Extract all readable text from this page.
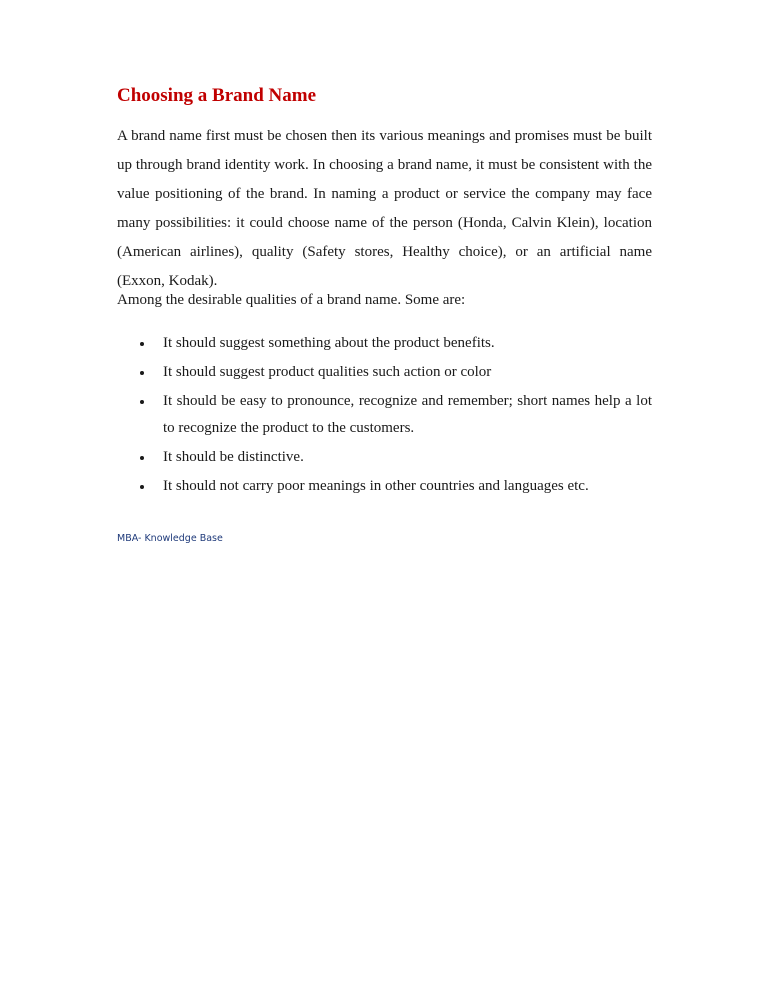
Choosing a Brand Name

A brand name first must be chosen then its various meanings and promises must be built up through brand identity work. In choosing a brand name, it must be consistent with the value positioning of the brand. In naming a product or service the company may face many possibilities: it could choose name of the person (Honda, Calvin Klein), location (American airlines), quality (Safety stores, Healthy choice), or an artificial name (Exxon, Kodak).

Among the desirable qualities of a brand name. Some are:

It should suggest something about the product benefits.
It should suggest product qualities such action or color
It should be easy to pronounce, recognize and remember; short names help a lot to recognize the product to the customers.
It should be distinctive.
It should not carry poor meanings in other countries and languages etc.

MBA- Knowledge Base
